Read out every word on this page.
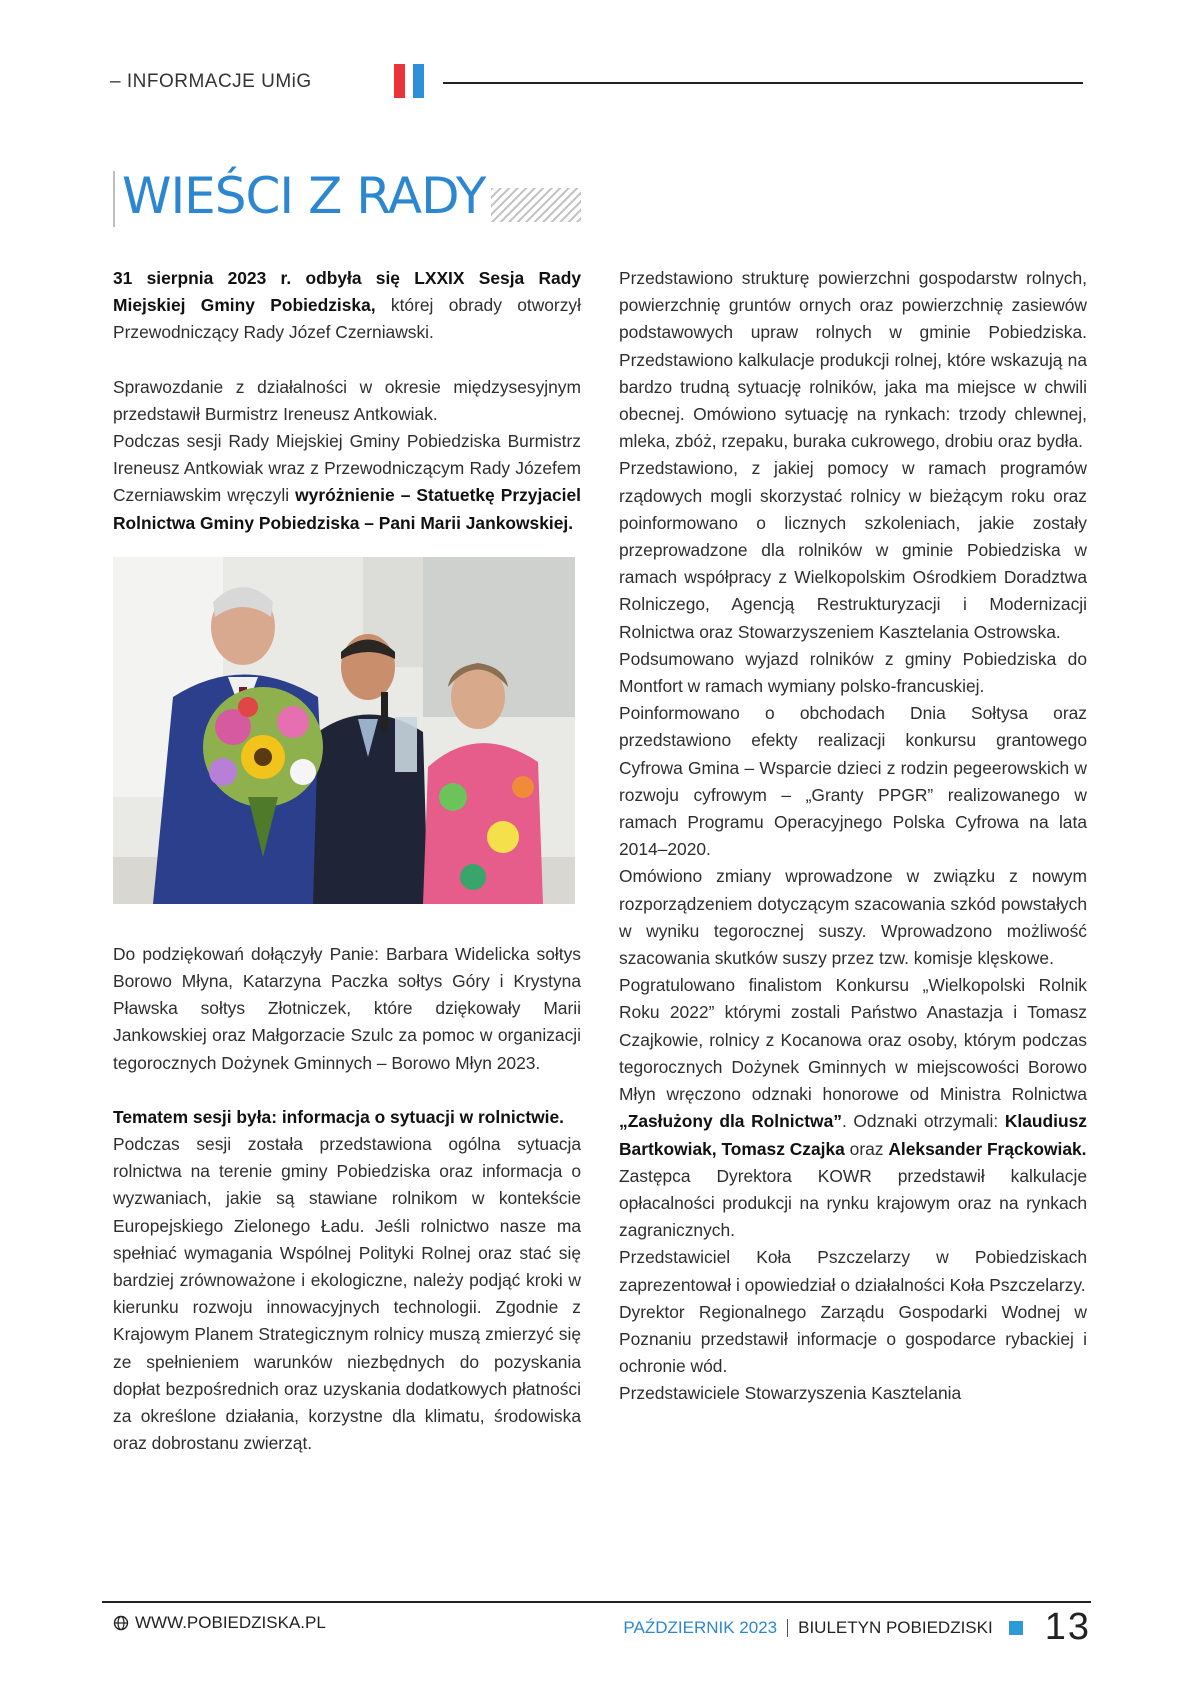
– INFORMACJE UMiG
WIEŚCI Z RADY

31 sierpnia 2023 r. odbyła się LXXIX Sesja Rady Miejskiej Gminy Pobiedziska, której obrady otworzył Przewodniczący Rady Józef Czerniawski.

Sprawozdanie z działalności w okresie międzysesyjnym przedstawił Burmistrz Ireneusz Antkowiak.

Podczas sesji Rady Miejskiej Gminy Pobiedziska Burmistrz Ireneusz Antkowiak wraz z Przewodniczącym Rady Józefem Czerniawskim wręczyli wyróżnienie – Statuetkę Przyjaciel Rolnictwa Gminy Pobiedziska – Pani Marii Jankowskiej.

Do podziękowań dołączyły Panie: Barbara Widelicka sołtys Borowo Młyna, Katarzyna Paczka sołtys Góry i Krystyna Pławska sołtys Złotniczek, które dziękowały Marii Jankowskiej oraz Małgorzacie Szulc za pomoc w organizacji tegorocznych Dożynek Gminnych – Borowo Młyn 2023.

Tematem sesji była: informacja o sytuacji w rolnictwie.

Podczas sesji została przedstawiona ogólna sytuacja rolnictwa na terenie gminy Pobiedziska oraz informacja o wyzwaniach, jakie są stawiane rolnikom w kontekście Europejskiego Zielonego Ładu. Jeśli rolnictwo nasze ma spełniać wymagania Wspólnej Polityki Rolnej oraz stać się bardziej zrównoważone i ekologiczne, należy podjąć kroki w kierunku rozwoju innowacyjnych technologii. Zgodnie z Krajowym Planem Strategicznym rolnicy muszą zmierzyć się ze spełnieniem warunków niezbędnych do pozyskania dopłat bezpośrednich oraz uzyskania dodatkowych płatności za określone działania, korzystne dla klimatu, środowiska oraz dobrostanu zwierząt.

Przedstawiono strukturę powierzchni gospodarstw rolnych, powierzchnię gruntów ornych oraz powierzchnię zasiewów podstawowych upraw rolnych w gminie Pobiedziska. Przedstawiono kalkulacje produkcji rolnej, które wskazują na bardzo trudną sytuację rolników, jaka ma miejsce w chwili obecnej. Omówiono sytuację na rynkach: trzody chlewnej, mleka, zbóż, rzepaku, buraka cukrowego, drobiu oraz bydła.

Przedstawiono, z jakiej pomocy w ramach programów rządowych mogli skorzystać rolnicy w bieżącym roku oraz poinformowano o licznych szkoleniach, jakie zostały przeprowadzone dla rolników w gminie Pobiedziska w ramach współpracy z Wielkopolskim Ośrodkiem Doradztwa Rolniczego, Agencją Restrukturyzacji i Modernizacji Rolnictwa oraz Stowarzyszeniem Kasztelania Ostrowska.

Podsumowano wyjazd rolników z gminy Pobiedziska do Montfort w ramach wymiany polsko-francuskiej.

Poinformowano o obchodach Dnia Sołtysa oraz przedstawiono efekty realizacji konkursu grantowego Cyfrowa Gmina – Wsparcie dzieci z rodzin pegeerowskich w rozwoju cyfrowym – „Granty PPGR” realizowanego w ramach Programu Operacyjnego Polska Cyfrowa na lata 2014–2020.

Omówiono zmiany wprowadzone w związku z nowym rozporządzeniem dotyczącym szacowania szkód powstałych w wyniku tegorocznej suszy. Wprowadzono możliwość szacowania skutków suszy przez tzw. komisje klęskowe.

Pogratulowano finalistom Konkursu „Wielkopolski Rolnik Roku 2022” którymi zostali Państwo Anastazja i Tomasz Czajkowie, rolnicy z Kocanowa oraz osoby, którym podczas tegorocznych Dożynek Gminnych w miejscowości Borowo Młyn wręczono odznaki honorowe od Ministra Rolnictwa „Zasłużony dla Rolnictwa”. Odznaki otrzymali: Klaudiusz Bartkowiak, Tomasz Czajka oraz Aleksander Frąckowiak.

Zastępca Dyrektora KOWR przedstawił kalkulacje opłacalności produkcji na rynku krajowym oraz na rynkach zagranicznych.

Przedstawiciel Koła Pszczelarzy w Pobiedziskach zaprezentował i opowiedział o działalności Koła Pszczelarzy.

Dyrektor Regionalnego Zarządu Gospodarki Wodnej w Poznaniu przedstawił informacje o gospodarce rybackiej i ochronie wód.

Przedstawiciele Stowarzyszenia Kasztelania

WWW.POBIEDZISKA.PL	PAŹDZIERNIK 2023 BIULETYN POBIEDZISKI 13
